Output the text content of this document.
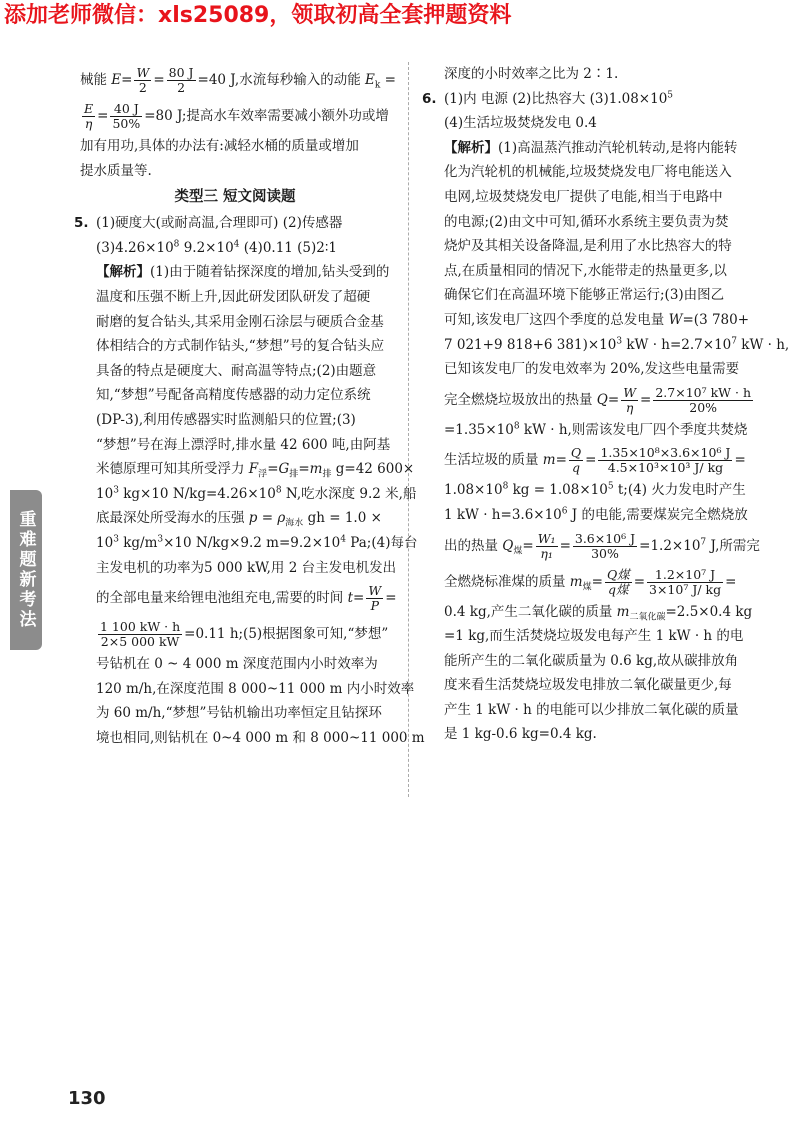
添加老师微信：xls25089，领取初高全套押题资料
重难题新考法
械能 $E= \frac{W}{2} = \frac{80 J}{2} =40$ J,水流每秒输入的动能 $E_k$ =
$\frac{E}{\eta} = \frac{40 J}{50\%} =80$ J;提高水车效率需要减小额外功或增
加有用功,具体的办法有:减轻水桶的质量或增加
提水质量等.
类型三 短文阅读题
5. (1)硬度大(或耐高温,合理即可) (2)传感器
$(3)4.26\times 10^8$ $9.2\times 10^4$ (4)0.11 (5)2∶1
【解析】(1)由于随着钻探深度的增加,钻头受到的
温度和压强不断上升,因此研发团队研发了超硬
耐磨的复合钻头,其采用金刚石涂层与硬质合金基
体相结合的方式制作钻头,“梦想”号的复合钻头应
具备的特点是硬度大、耐高温等特点;(2)由题意
知,“梦想”号配备高精度传感器的动力定位系统
(DP-3),利用传感器实时监测船只的位置;(3)
“梦想”号在海上漂浮时,排水量 42 600 吨,由阿基
米德原理可知其所受浮力 $F_浮=G_排=m_排$ g=42 600×
$10^3$ kg×10 $N/kg=4.26\times 10^8$ N,吃水深度 9.2 米,船
底最深处所受海水的压强 $p = \rho_{海水}$ gh = 1.0 ×
$10^3$ $kg/m^3\times 10$ N/kg×9.2 $m=9.2\times 10^4$ Pa;(4)每台
主发电机的功率为5 000 kW,用 2 台主发电机发出
的全部电量来给锂电池组充电,需要的时间 $t= \frac{W}{P}$ =
$\frac{1 100 kW \cdot h}{2\times 5 000 kW} =0.11$ h;(5)根据图象可知,“梦想”
号钻机在 0 ~ 4 000 m 深度范围内小时效率为
120 m/h,在深度范围 8 000~11 000 m 内小时效率
为 60 m/h,“梦想”号钻机输出功率恒定且钻探环
境也相同,则钻机在 0~4 000 m 和 8 000~11 000 m
深度的小时效率之比为 2∶1.
6. (1)内 电源 (2)比热容大 $(3)1.08\times 10^5$
(4)生活垃圾焚烧发电 0.4
【解析】(1)高温蒸汽推动汽轮机转动,是将内能转
化为汽轮机的机械能,垃圾焚烧发电厂将电能送入
电网,垃圾焚烧发电厂提供了电能,相当于电路中
的电源;(2)由文中可知,循环水系统主要负责为焚
烧炉及其相关设备降温,是利用了水比热容大的特
点,在质量相同的情况下,水能带走的热量更多,以
确保它们在高温环境下能够正常运行;(3)由图乙
可知,该发电厂这四个季度的总发电量 W=(3 780+
7 021+9 818+6 $381)\times 10^3$ kW · $h=2.7\times 10^7$ kW · h,
已知该发电厂的发电效率为 20%,发这些电量需要
完全燃烧垃圾放出的热量 $Q= \frac{W}{\eta} = \frac{\text{2.7×10⁷ kW · h}}{20\%}$
$=1.35\times 10^8$ kW · h,则需该发电厂四个季度共焚烧
生活垃圾的质量 $m= \frac{Q}{q} = \frac{\text{1.35×10⁸×3.6×10⁶ J}}{\text{4.5×10³×10³ J/ kg}}$ =
$1.08\times 10^8$ kg = $1.08\times 10^5$ t;(4) 火力发电时产生
1 kW · $h=3.6\times 10^6$ J 的电能,需要煤炭完全燃烧放
出的热量 $Q_煤= \frac{\text{W₁}}{\text{η₁}} = \frac{\text{3.6×10⁶ J}}{30\%} =1.2\times 10^7$ J,所需完
全燃烧标准煤的质量 $m_煤= \frac{\text{Q煤}}{\text{q煤}} = \frac{\text{1.2×10⁷ J}}{\text{3×10⁷ J/ kg}}$ =
0.4 kg,产生二氧化碳的质量 $m_{二氧化碳}=2.5\times 0.4$ kg
=1 kg,而生活焚烧垃圾发电每产生 1 kW · h 的电
能所产生的二氧化碳质量为 0.6 kg,故从碳排放角
度来看生活焚烧垃圾发电排放二氧化碳量更少,每
产生 1 kW · h 的电能可以少排放二氧化碳的质量
是 1 kg-0.6 kg=0.4 kg.
130
